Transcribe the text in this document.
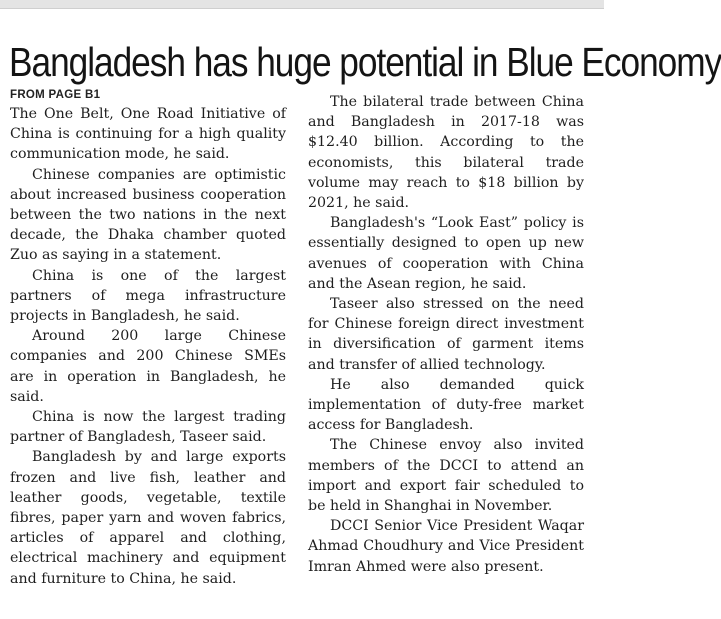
Bangladesh has huge potential in Blue Economy
FROM PAGE B1

The One Belt, One Road Initiative of China is continuing for a high quality communication mode, he said.

Chinese companies are optimistic about increased business cooperation between the two nations in the next decade, the Dhaka chamber quoted Zuo as saying in a statement.

China is one of the largest partners of mega infrastructure projects in Bangladesh, he said.

Around 200 large Chinese companies and 200 Chinese SMEs are in operation in Bangladesh, he said.

China is now the largest trading partner of Bangladesh, Taseer said.

Bangladesh by and large exports frozen and live fish, leather and leather goods, vegetable, textile fibres, paper yarn and woven fabrics, articles of apparel and clothing, electrical machinery and equipment and furniture to China, he said.

The bilateral trade between China and Bangladesh in 2017-18 was $12.40 billion. According to the economists, this bilateral trade volume may reach to $18 billion by 2021, he said.

Bangladesh's “Look East” policy is essentially designed to open up new avenues of cooperation with China and the Asean region, he said.

Taseer also stressed on the need for Chinese foreign direct investment in diversification of garment items and transfer of allied technology.

He also demanded quick implementation of duty-free market access for Bangladesh.

The Chinese envoy also invited members of the DCCI to attend an import and export fair scheduled to be held in Shanghai in November.

DCCI Senior Vice President Waqar Ahmad Choudhury and Vice President Imran Ahmed were also present.
